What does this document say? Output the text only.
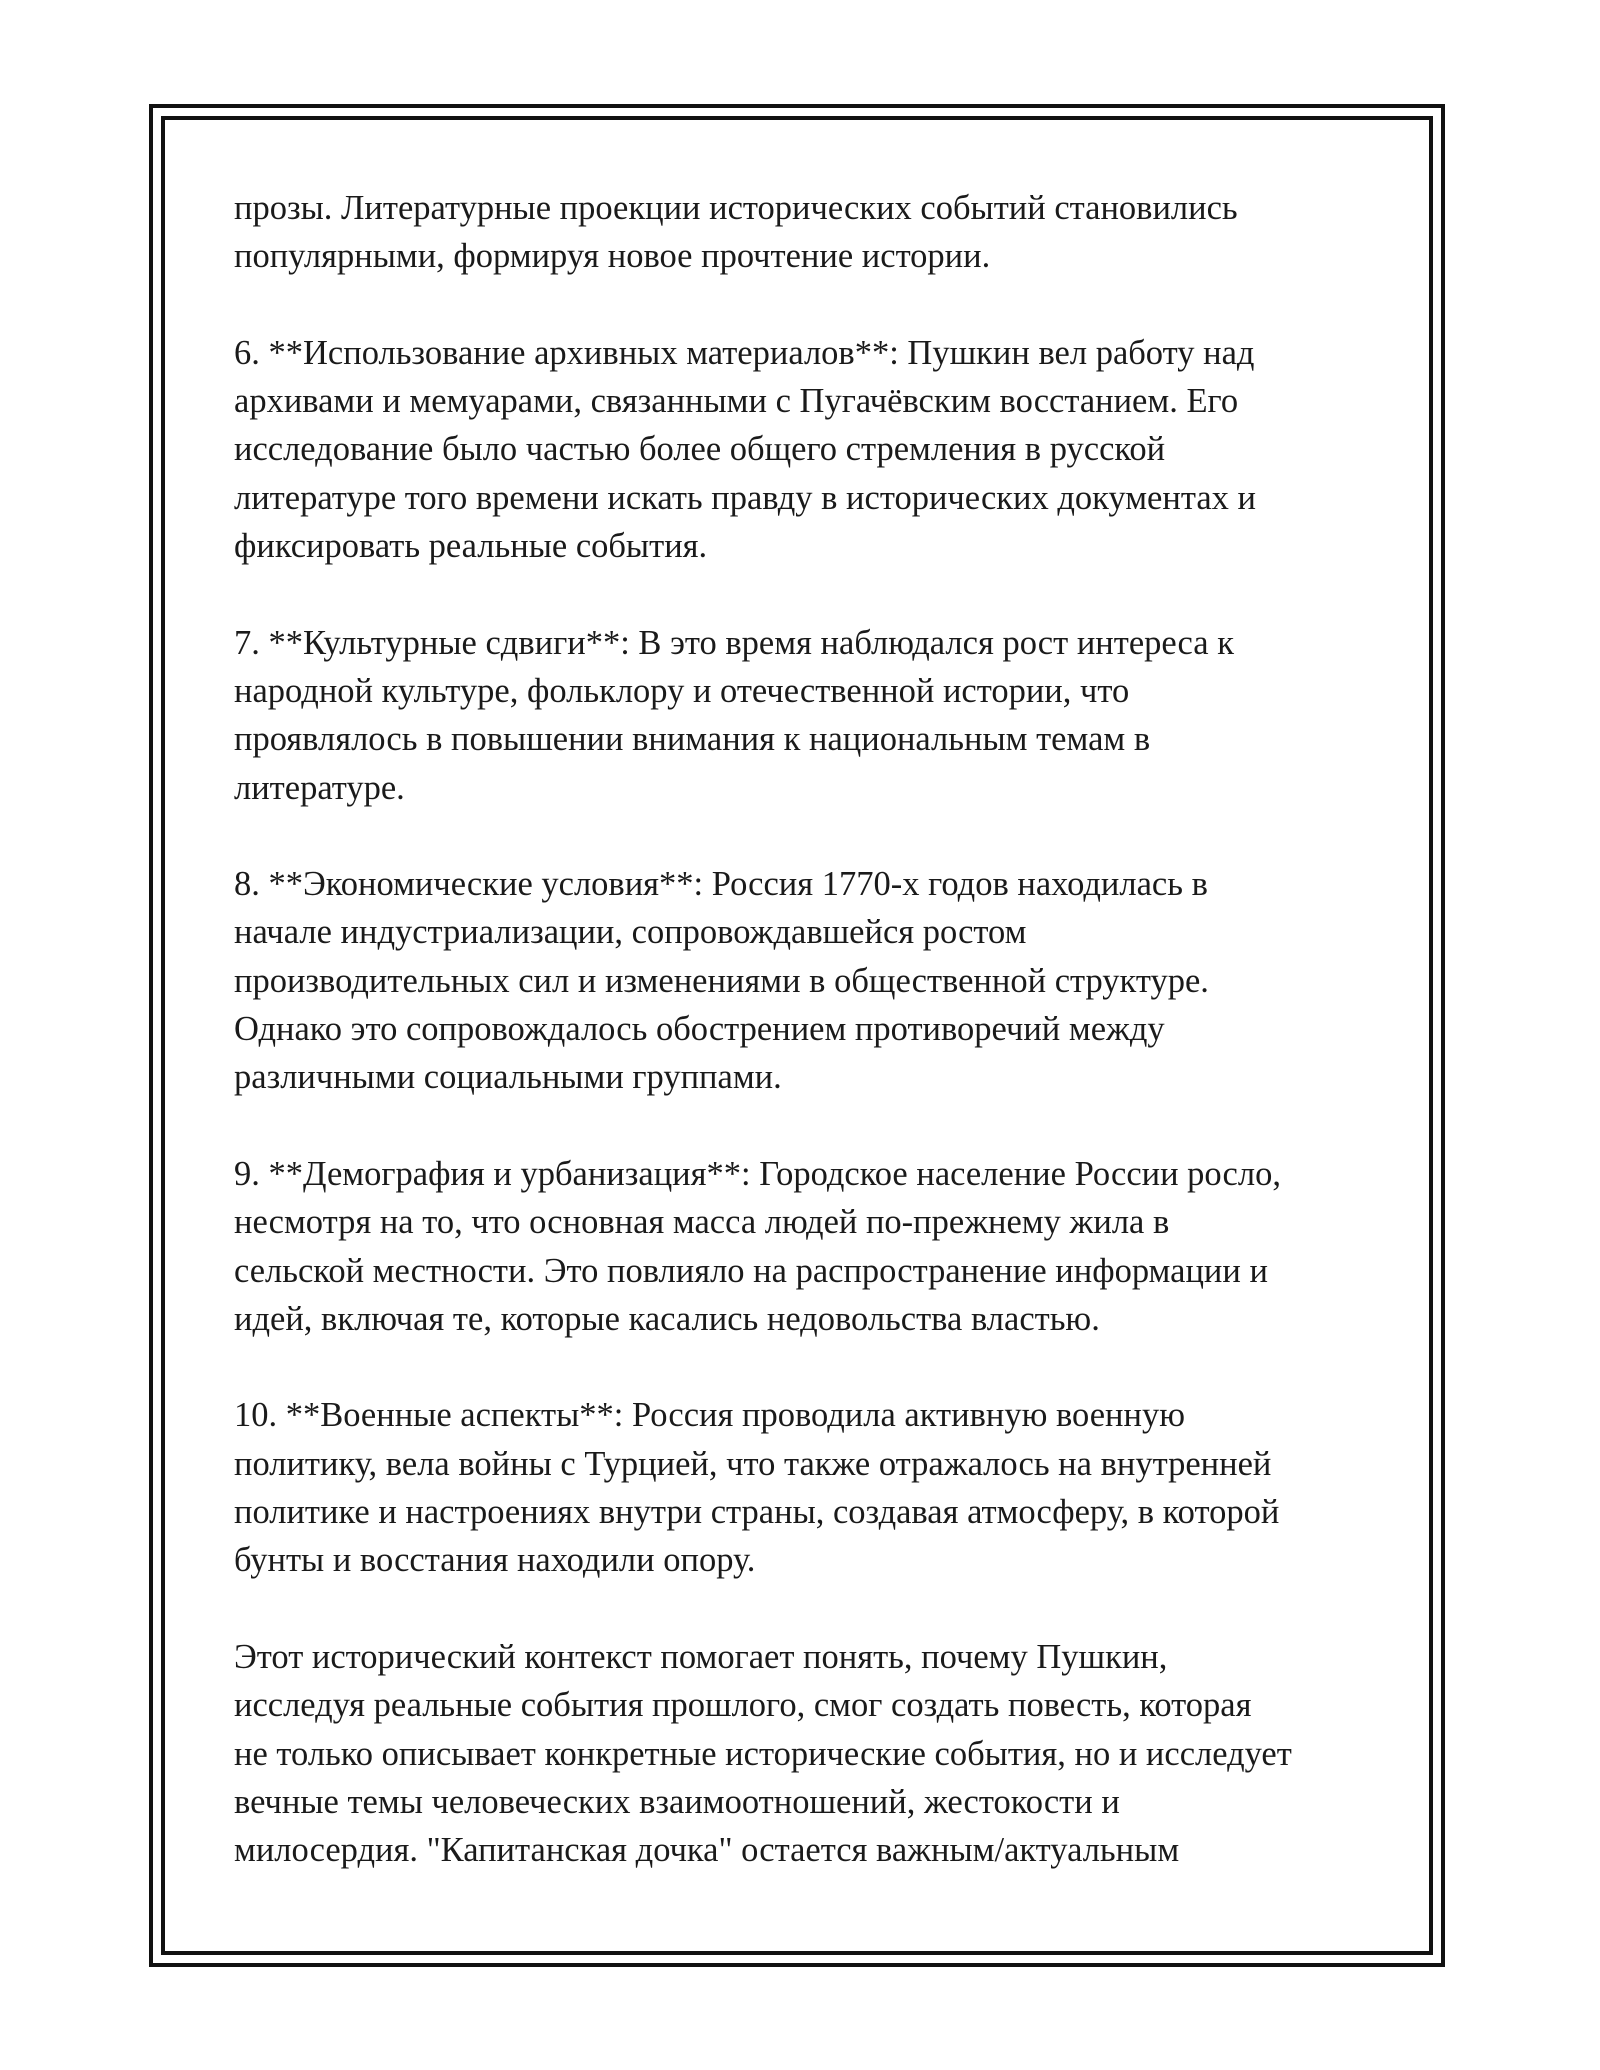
прозы. Литературные проекции исторических событий становились
популярными, формируя новое прочтение истории.

6. **Использование архивных материалов**: Пушкин вел работу над
архивами и мемуарами, связанными с Пугачёвским восстанием. Его
исследование было частью более общего стремления в русской
литературе того времени искать правду в исторических документах и
фиксировать реальные события.

7. **Культурные сдвиги**: В это время наблюдался рост интереса к
народной культуре, фольклору и отечественной истории, что
проявлялось в повышении внимания к национальным темам в
литературе.

8. **Экономические условия**: Россия 1770-х годов находилась в
начале индустриализации, сопровождавшейся ростом
производительных сил и изменениями в общественной структуре.
Однако это сопровождалось обострением противоречий между
различными социальными группами.

9. **Демография и урбанизация**: Городское население России росло,
несмотря на то, что основная масса людей по-прежнему жила в
сельской местности. Это повлияло на распространение информации и
идей, включая те, которые касались недовольства властью.

10. **Военные аспекты**: Россия проводила активную военную
политику, вела войны с Турцией, что также отражалось на внутренней
политике и настроениях внутри страны, создавая атмосферу, в которой
бунты и восстания находили опору.

Этот исторический контекст помогает понять, почему Пушкин,
исследуя реальные события прошлого, смог создать повесть, которая
не только описывает конкретные исторические события, но и исследует
вечные темы человеческих взаимоотношений, жестокости и
милосердия. "Капитанская дочка" остается важным/актуальным
